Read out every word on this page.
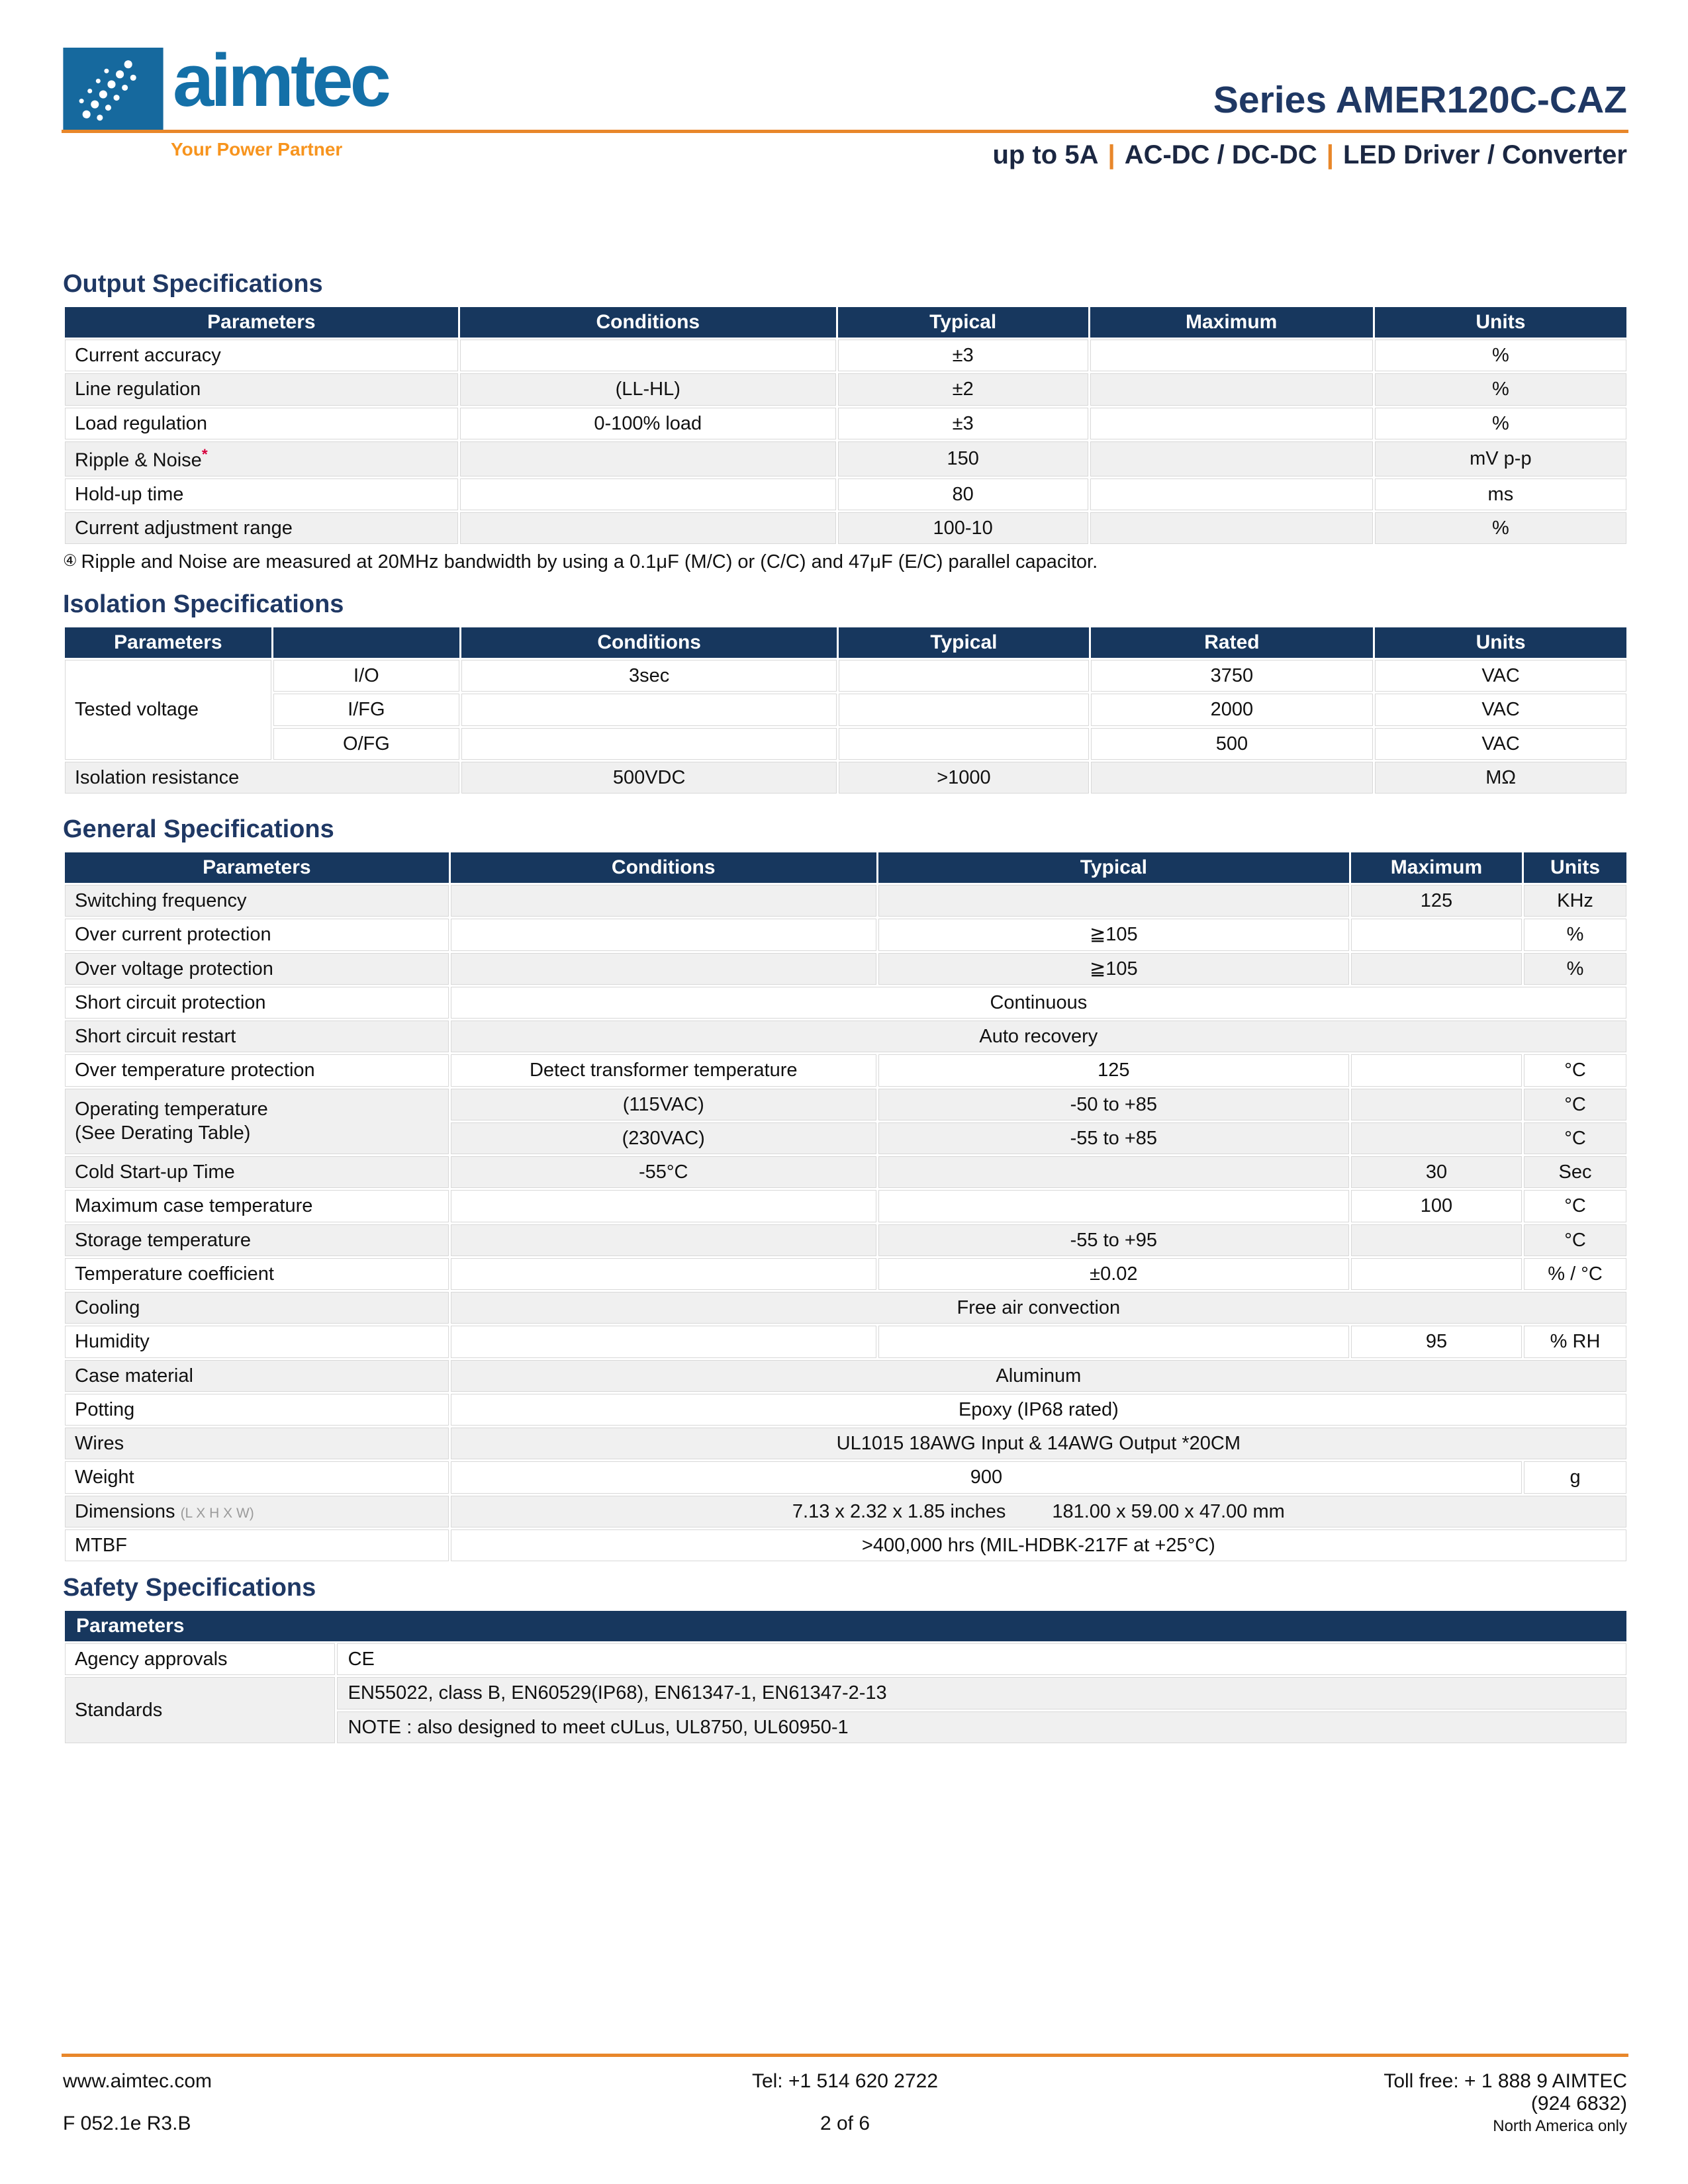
aimtec	Series AMER120C-CAZ
Your Power Partner	up to 5A | AC-DC / DC-DC | LED Driver / Converter
Output Specifications
Parameters	Conditions	Typical	Maximum	Units
Current accuracy		±3		%
Line regulation	(LL-HL)	±2		%
Load regulation	0-100% load	±3		%
Ripple & Noise*		150		mV p-p
Hold-up time		80		ms
Current adjustment range		100-10		%
④ Ripple and Noise are measured at 20MHz bandwidth by using a 0.1μF (M/C) or (C/C) and 47μF (E/C) parallel capacitor.
Isolation Specifications
Parameters		Conditions	Typical	Rated	Units
Tested voltage	I/O	3sec		3750	VAC
	I/FG			2000	VAC
	O/FG			500	VAC
Isolation resistance		500VDC	>1000		MΩ
General Specifications
Parameters	Conditions	Typical	Maximum	Units
Switching frequency			125	KHz
Over current protection		≧105		%
Over voltage protection		≧105		%
Short circuit protection	Continuous			
Short circuit restart	Auto recovery			
Over temperature protection	Detect transformer temperature	125		°C

Operating temperature
(See Derating Table)	(115VAC)	-50 to +85		°C
	(230VAC)	-55 to +85		°C
Cold Start-up Time	-55°C		30	Sec
Maximum case temperature			100	°C
Storage temperature		-55 to +95		°C
Temperature coefficient		±0.02		% / °C
Cooling	Free air convection			
Humidity			95	% RH
Case material	Aluminum			
Potting	Epoxy (IP68 rated)			
Wires	UL1015 18AWG Input & 14AWG Output *20CM			
Weight	900			g
Dimensions (L X H X W)	7.13 x 2.32 x 1.85 inches 181.00 x 59.00 x 47.00 mm			
MTBF	>400,000 hrs (MIL-HDBK-217F at +25°C)			
Safety Specifications
Parameters	
Agency approvals	CE
Standards	EN55022, class B, EN60529(IP68), EN61347-1, EN61347-2-13
	NOTE : also designed to meet cULus, UL8750, UL60950-1
www.aimtec.com
F 052.1e R3.B
Tel: +1 514 620 2722
2 of 6
Toll free: + 1 888 9 AIMTEC
(924 6832)
North America only
